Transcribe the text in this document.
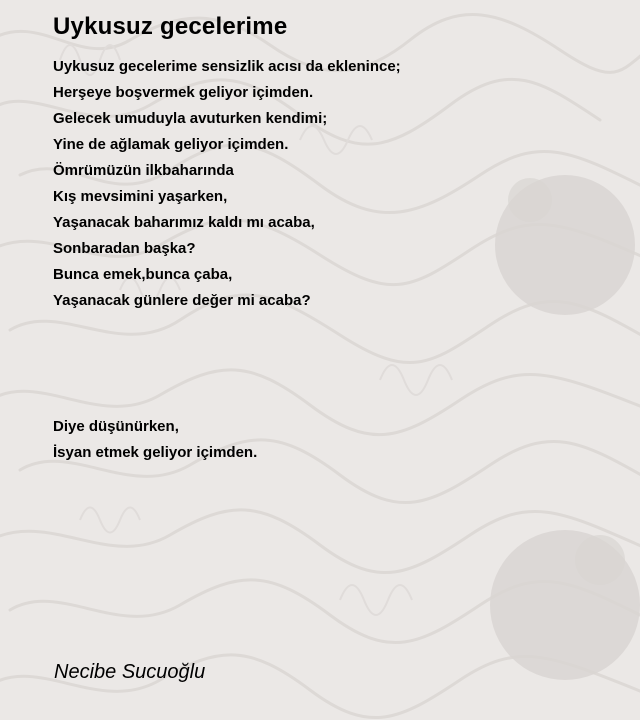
Uykusuz gecelerime
Uykusuz gecelerime sensizlik acısı da eklenince;
Herşeye boşvermek geliyor içimden.
Gelecek umuduyla avuturken kendimi;
Yine de ağlamak geliyor içimden.
Ömrümüzün ilkbaharında
Kış mevsimini yaşarken,
Yaşanacak baharımız kaldı mı acaba,
Sonbaradan başka?
Bunca emek,bunca çaba,
Yaşanacak günlere değer mi acaba?
Diye düşünürken,
İsyan etmek geliyor içimden.
Necibe Sucuoğlu
